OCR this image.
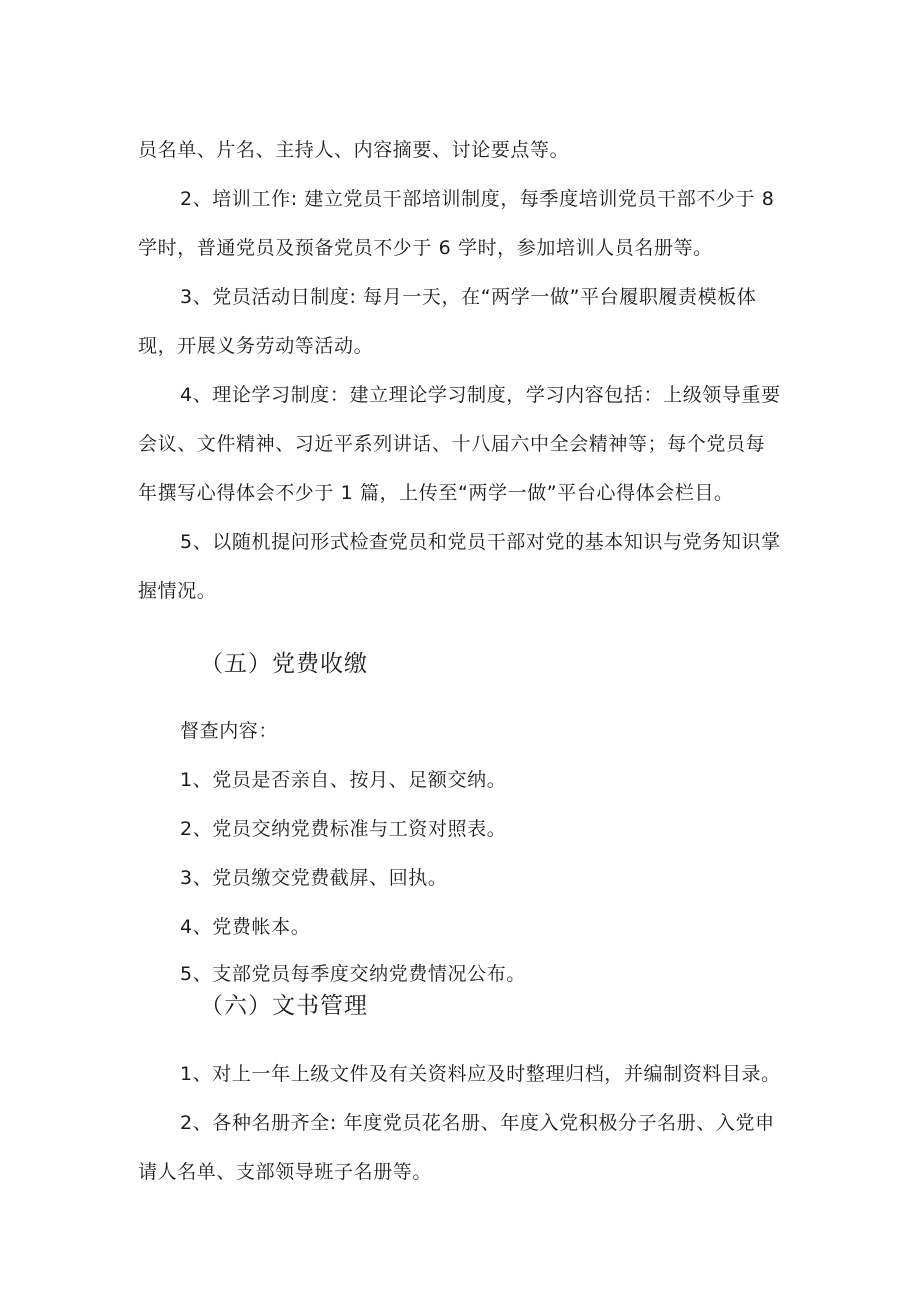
员名单、片名、主持人、内容摘要、讨论要点等。
2、培训工作: 建立党员干部培训制度，每季度培训党员干部不少于 8
学时，普通党员及预备党员不少于 6 学时，参加培训人员名册等。
3、党员活动日制度: 每月一天，在“两学一做”平台履职履责模板体
现，开展义务劳动等活动。
4、理论学习制度：建立理论学习制度，学习内容包括：上级领导重要
会议、文件精神、习近平系列讲话、十八届六中全会精神等；每个党员每
年撰写心得体会不少于 1 篇，上传至“两学一做”平台心得体会栏目。
5、以随机提问形式检查党员和党员干部对党的基本知识与党务知识掌
握情况。
（五）党费收缴
督查内容：
1、党员是否亲自、按月、足额交纳。
2、党员交纳党费标准与工资对照表。
3、党员缴交党费截屏、回执。
4、党费帐本。
5、支部党员每季度交纳党费情况公布。
（六）文书管理
1、对上一年上级文件及有关资料应及时整理归档，并编制资料目录。
2、各种名册齐全: 年度党员花名册、年度入党积极分子名册、入党申
请人名单、支部领导班子名册等。
